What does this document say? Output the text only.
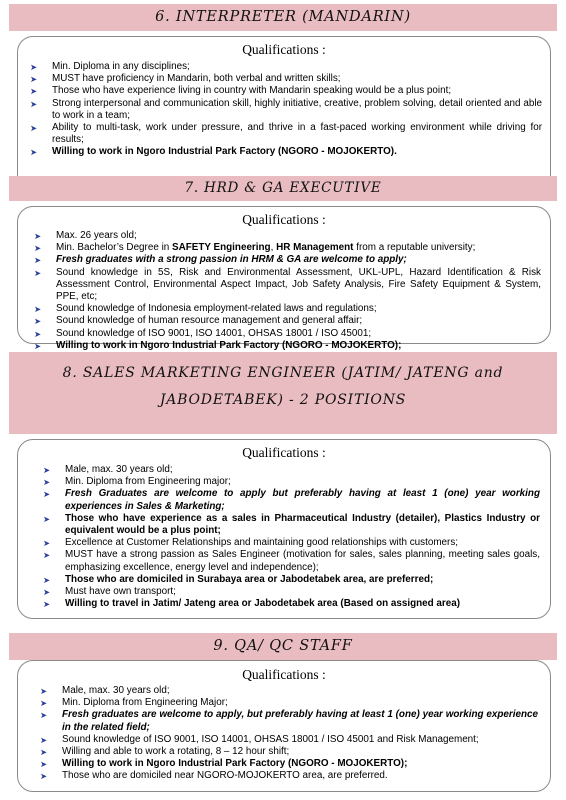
6. INTERPRETER (MANDARIN)
Qualifications :
➤ Min. Diploma in any disciplines;
➤ MUST have proficiency in Mandarin, both verbal and written skills;
➤ Those who have experience living in country with Mandarin speaking would be a plus point;
➤ Strong interpersonal and communication skill, highly initiative, creative, problem solving, detail oriented and able to work in a team;
➤ Ability to multi-task, work under pressure, and thrive in a fast-paced working environment while driving for results;
➤ Willing to work in Ngoro Industrial Park Factory (NGORO - MOJOKERTO).
7. HRD & GA EXECUTIVE
Qualifications :
➤ Max. 26 years old;
➤ Min. Bachelor’s Degree in SAFETY Engineering, HR Management from a reputable university;
➤ Fresh graduates with a strong passion in HRM & GA are welcome to apply;
➤ Sound knowledge in 5S, Risk and Environmental Assessment, UKL-UPL, Hazard Identification & Risk Assessment Control, Environmental Aspect Impact, Job Safety Analysis, Fire Safety Equipment & System, PPE, etc;
➤ Sound knowledge of Indonesia employment-related laws and regulations;
➤ Sound knowledge of human resource management and general affair;
➤ Sound knowledge of ISO 9001, ISO 14001, OHSAS 18001 / ISO 45001;
➤ Willing to work in Ngoro Industrial Park Factory (NGORO - MOJOKERTO);
8. SALES MARKETING ENGINEER (JATIM/ JATENG and
JABODETABEK) - 2 POSITIONS
Qualifications :
➤ Male, max. 30 years old;
➤ Min. Diploma from Engineering major;
➤ Fresh Graduates are welcome to apply but preferably having at least 1 (one) year working experiences in Sales & Marketing;
➤ Those who have experience as a sales in Pharmaceutical Industry (detailer), Plastics Industry or equivalent would be a plus point;
➤ Excellence at Customer Relationships and maintaining good relationships with customers;
➤ MUST have a strong passion as Sales Engineer (motivation for sales, sales planning, meeting sales goals, emphasizing excellence, energy level and independence);
➤ Those who are domiciled in Surabaya area or Jabodetabek area, are preferred;
➤ Must have own transport;
➤ Willing to travel in Jatim/ Jateng area or Jabodetabek area (Based on assigned area)
9. QA/ QC STAFF
Qualifications :
➤ Male, max. 30 years old;
➤ Min. Diploma from Engineering Major;
➤ Fresh graduates are welcome to apply, but preferably having at least 1 (one) year working experience in the related field;
➤ Sound knowledge of ISO 9001, ISO 14001, OHSAS 18001 / ISO 45001 and Risk Management;
➤ Willing and able to work a rotating, 8 – 12 hour shift;
➤ Willing to work in Ngoro Industrial Park Factory (NGORO - MOJOKERTO);
➤ Those who are domiciled near NGORO-MOJOKERTO area, are preferred.
